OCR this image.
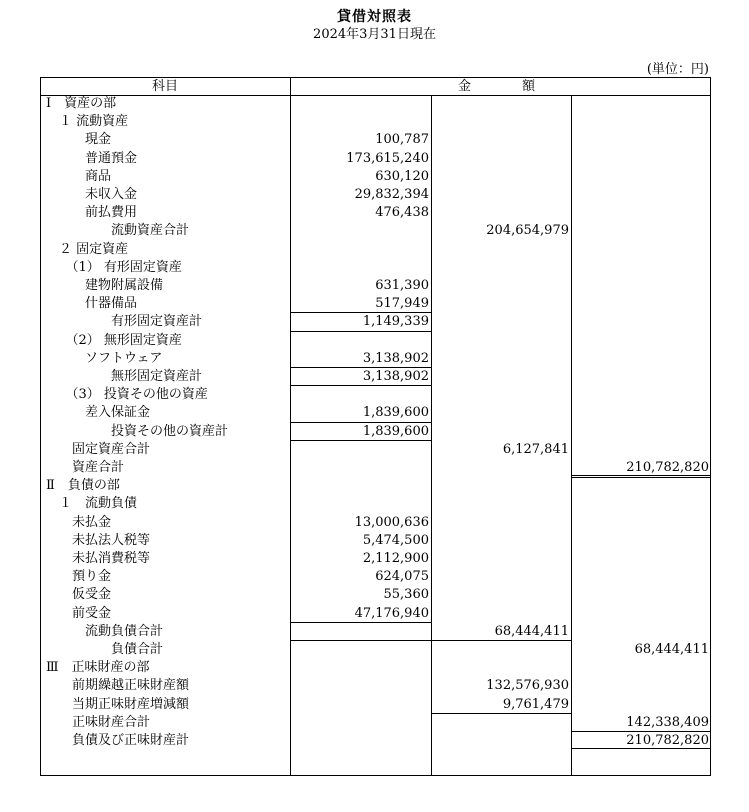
貸借対照表
2024年3月31日現在
(単位：円)
科目	金	額
Ⅰ　資産の部
　１ 流動資産
　　　現金	100,787
　　　普通預金	173,615,240
　　　商品	630,120
　　　未収入金	29,832,394
　　　前払費用	476,438
　　　　　流動資産合計	204,654,979
　２ 固定資産
　　（1） 有形固定資産
　　　建物附属設備	631,390
　　　什器備品	517,949
　　　　　有形固定資産計	1,149,339
　　（2） 無形固定資産
　　　ソフトウェア	3,138,902
　　　　　無形固定資産計	3,138,902
　　（3） 投資その他の資産
　　　差入保証金	1,839,600
　　　　　投資その他の資産計	1,839,600
　　固定資産合計	6,127,841
　　資産合計	210,782,820
Ⅱ　負債の部
　１　流動負債
　　未払金	13,000,636
　　未払法人税等	5,474,500
　　未払消費税等	2,112,900
　　預り金	624,075
　　仮受金	55,360
　　前受金	47,176,940
　　　流動負債合計	68,444,411
　　　　　負債合計	68,444,411
Ⅲ　正味財産の部
　　前期繰越正味財産額	132,576,930
　　当期正味財産増減額	9,761,479
　　正味財産合計	142,338,409
　　負債及び正味財産計	210,782,820
